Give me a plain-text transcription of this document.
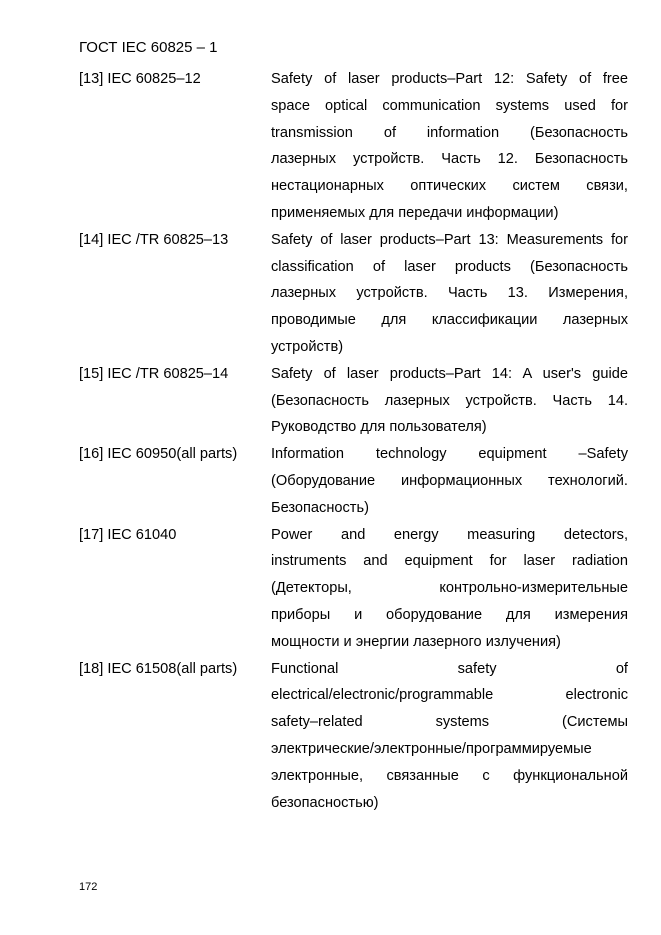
ГОСТ IEC 60825 – 1
[13] IEC 60825–12	Safety of laser products–Part 12: Safety of free
space optical communication systems used for
transmission of information (Безопасность
лазерных устройств. Часть 12. Безопасность
нестационарных оптических систем связи,
применяемых для передачи информации)
[14] IEC /TR 60825–13	Safety of laser products–Part 13: Measurements for
classification of laser products (Безопасность
лазерных устройств. Часть 13. Измерения,
проводимые для классификации лазерных
устройств)
[15] IEC /TR 60825–14	Safety of laser products–Part 14: A user's guide
(Безопасность лазерных устройств. Часть 14.
Руководство для пользователя)
[16] IEC 60950(all parts)	Information technology equipment –Safety
(Оборудование информационных технологий.
Безопасность)
[17] IEC 61040	Power and energy measuring detectors,
instruments and equipment for laser radiation
(Детекторы, контрольно-измерительные
приборы и оборудование для измерения
мощности и энергии лазерного излучения)
[18] IEC 61508(all parts)	Functional safety of
electrical/electronic/programmable electronic
safety–related systems (Системы
электрические/электронные/программируемые
электронные, связанные с функциональной
безопасностью)
172
